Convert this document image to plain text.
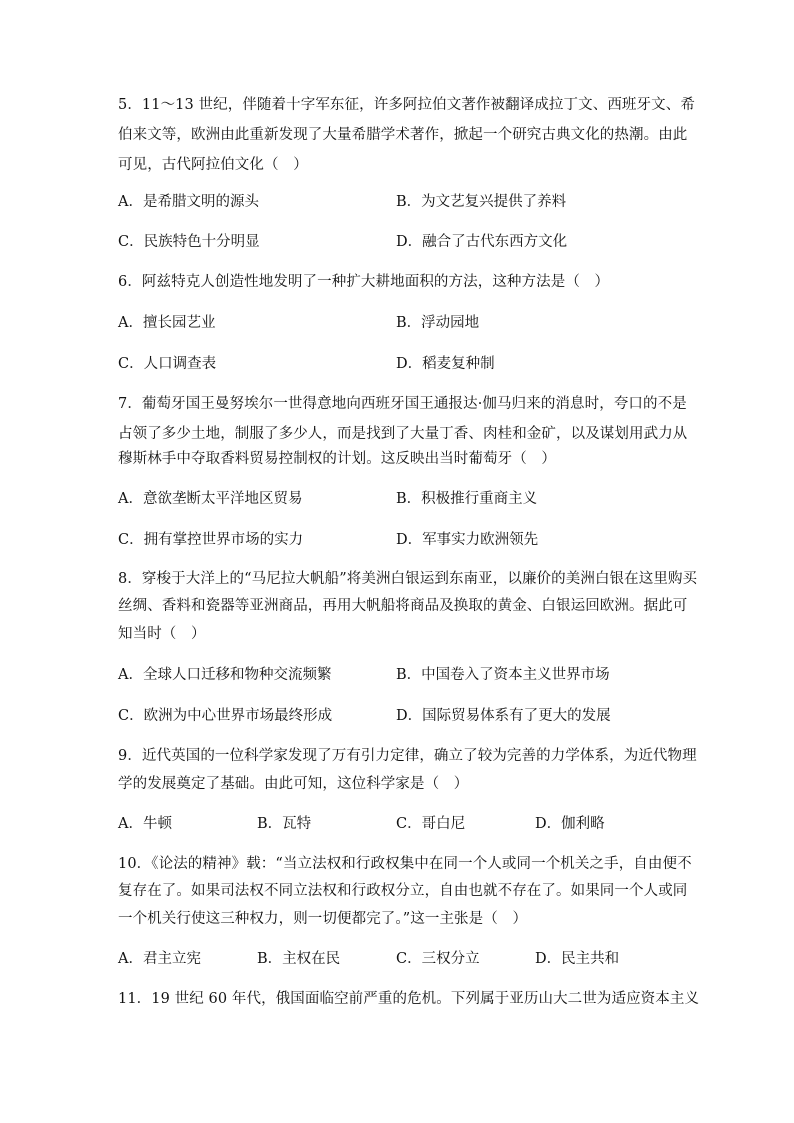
5．11～13 世纪，伴随着十字军东征，许多阿拉伯文著作被翻译成拉丁文、西班牙文、希
伯来文等，欧洲由此重新发现了大量希腊学术著作，掀起一个研究古典文化的热潮。由此
可见，古代阿拉伯文化（　）
A．是希腊文明的源头	B．为文艺复兴提供了养料
C．民族特色十分明显	D．融合了古代东西方文化
6．阿兹特克人创造性地发明了一种扩大耕地面积的方法，这种方法是（　）
A．擅长园艺业	B．浮动园地
C．人口调查表	D．稻麦复种制
7．葡萄牙国王曼努埃尔一世得意地向西班牙国王通报达·伽马归来的消息时，夸口的不是
占领了多少土地，制服了多少人，而是找到了大量丁香、肉桂和金矿，以及谋划用武力从
穆斯林手中夺取香料贸易控制权的计划。这反映出当时葡萄牙（　）
A．意欲垄断太平洋地区贸易	B．积极推行重商主义
C．拥有掌控世界市场的实力	D．军事实力欧洲领先
8．穿梭于大洋上的“马尼拉大帆船”将美洲白银运到东南亚，以廉价的美洲白银在这里购买
丝绸、香料和瓷器等亚洲商品，再用大帆船将商品及换取的黄金、白银运回欧洲。据此可
知当时（　）
A．全球人口迁移和物种交流频繁	B．中国卷入了资本主义世界市场
C．欧洲为中心世界市场最终形成	D．国际贸易体系有了更大的发展
9．近代英国的一位科学家发现了万有引力定律，确立了较为完善的力学体系，为近代物理
学的发展奠定了基础。由此可知，这位科学家是（　）
A．牛顿	B．瓦特	C．哥白尼	D．伽利略
10．《论法的精神》载：“当立法权和行政权集中在同一个人或同一个机关之手，自由便不
复存在了。如果司法权不同立法权和行政权分立，自由也就不存在了。如果同一个人或同
一个机关行使这三种权力，则一切便都完了。”这一主张是（　）
A．君主立宪	B．主权在民	C．三权分立	D．民主共和
11．19 世纪 60 年代，俄国面临空前严重的危机。下列属于亚历山大二世为适应资本主义
